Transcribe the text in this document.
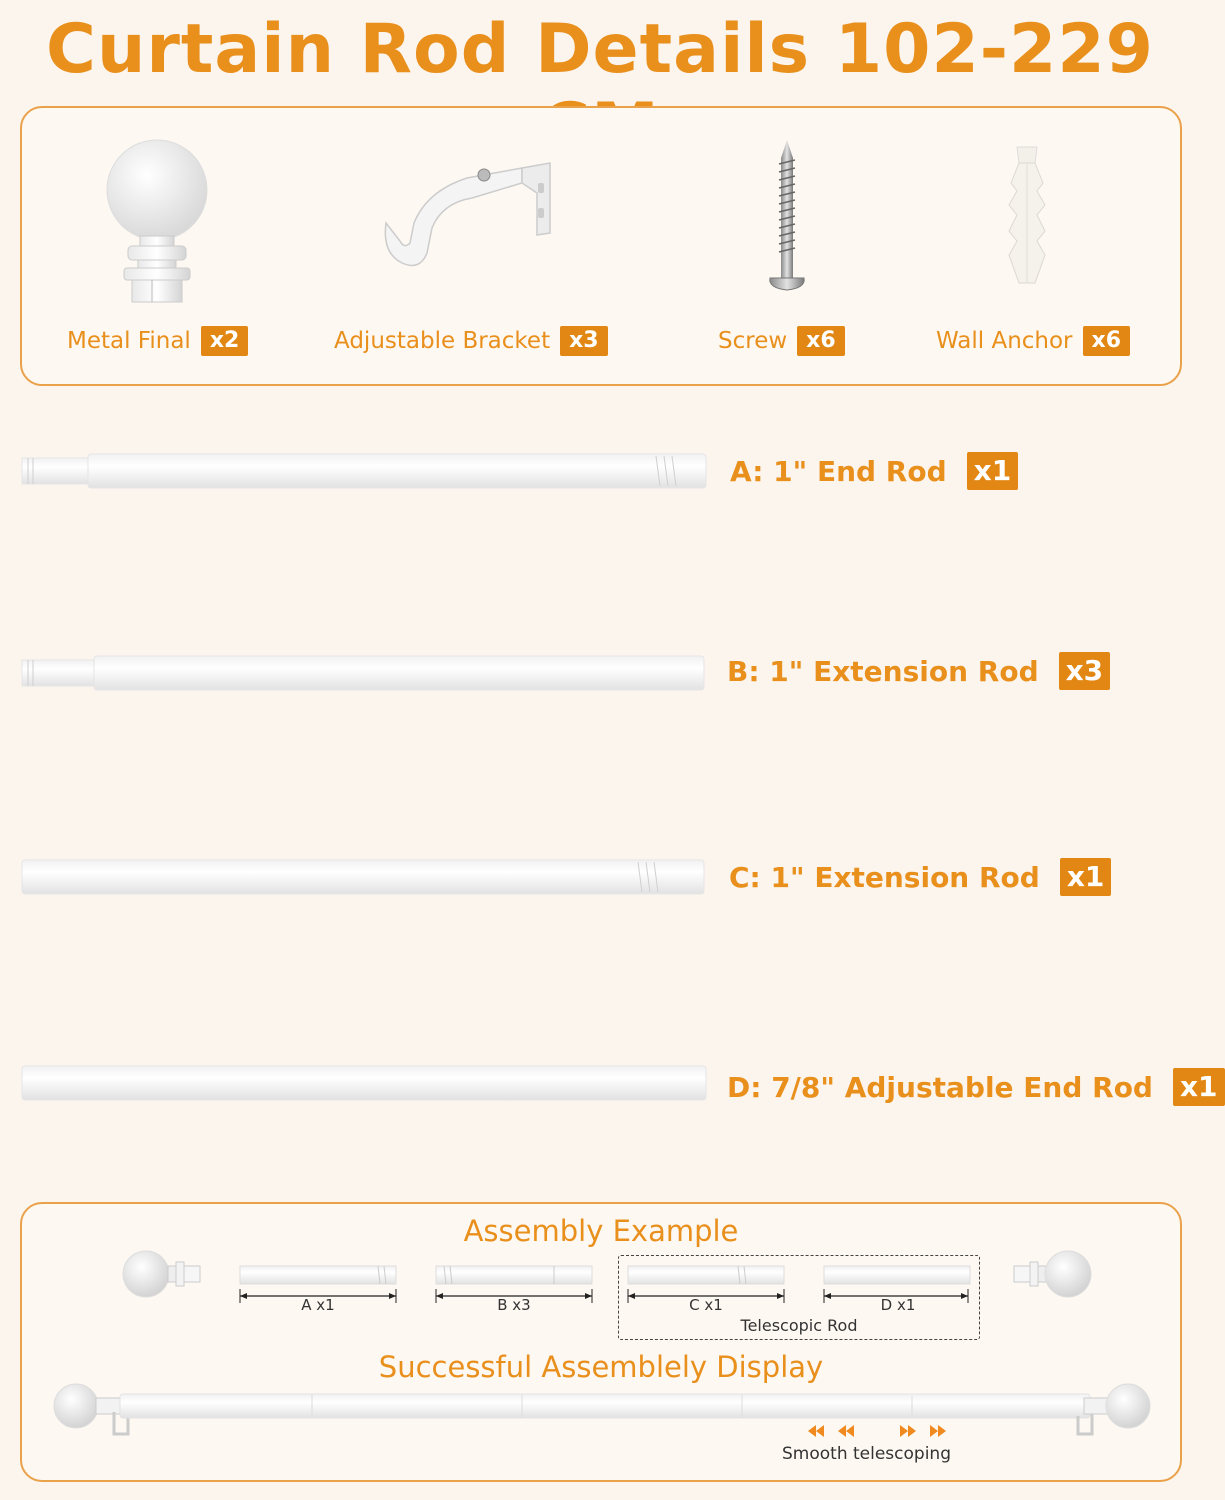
Curtain Rod Details 102-229
Metal Final x2	Adjustable Bracket x3	Screw x6	Wall Anchor x6
A: 1" End Rod x1
B: 1" Extension Rod x3
C: 1" Extension Rod x1
D: 7/8" Adjustable End Rod x1
Assembly Example
A x1	B x3	C x1	D x1
Telescopic Rod
Successful Assemblely Display
Smooth telescoping
